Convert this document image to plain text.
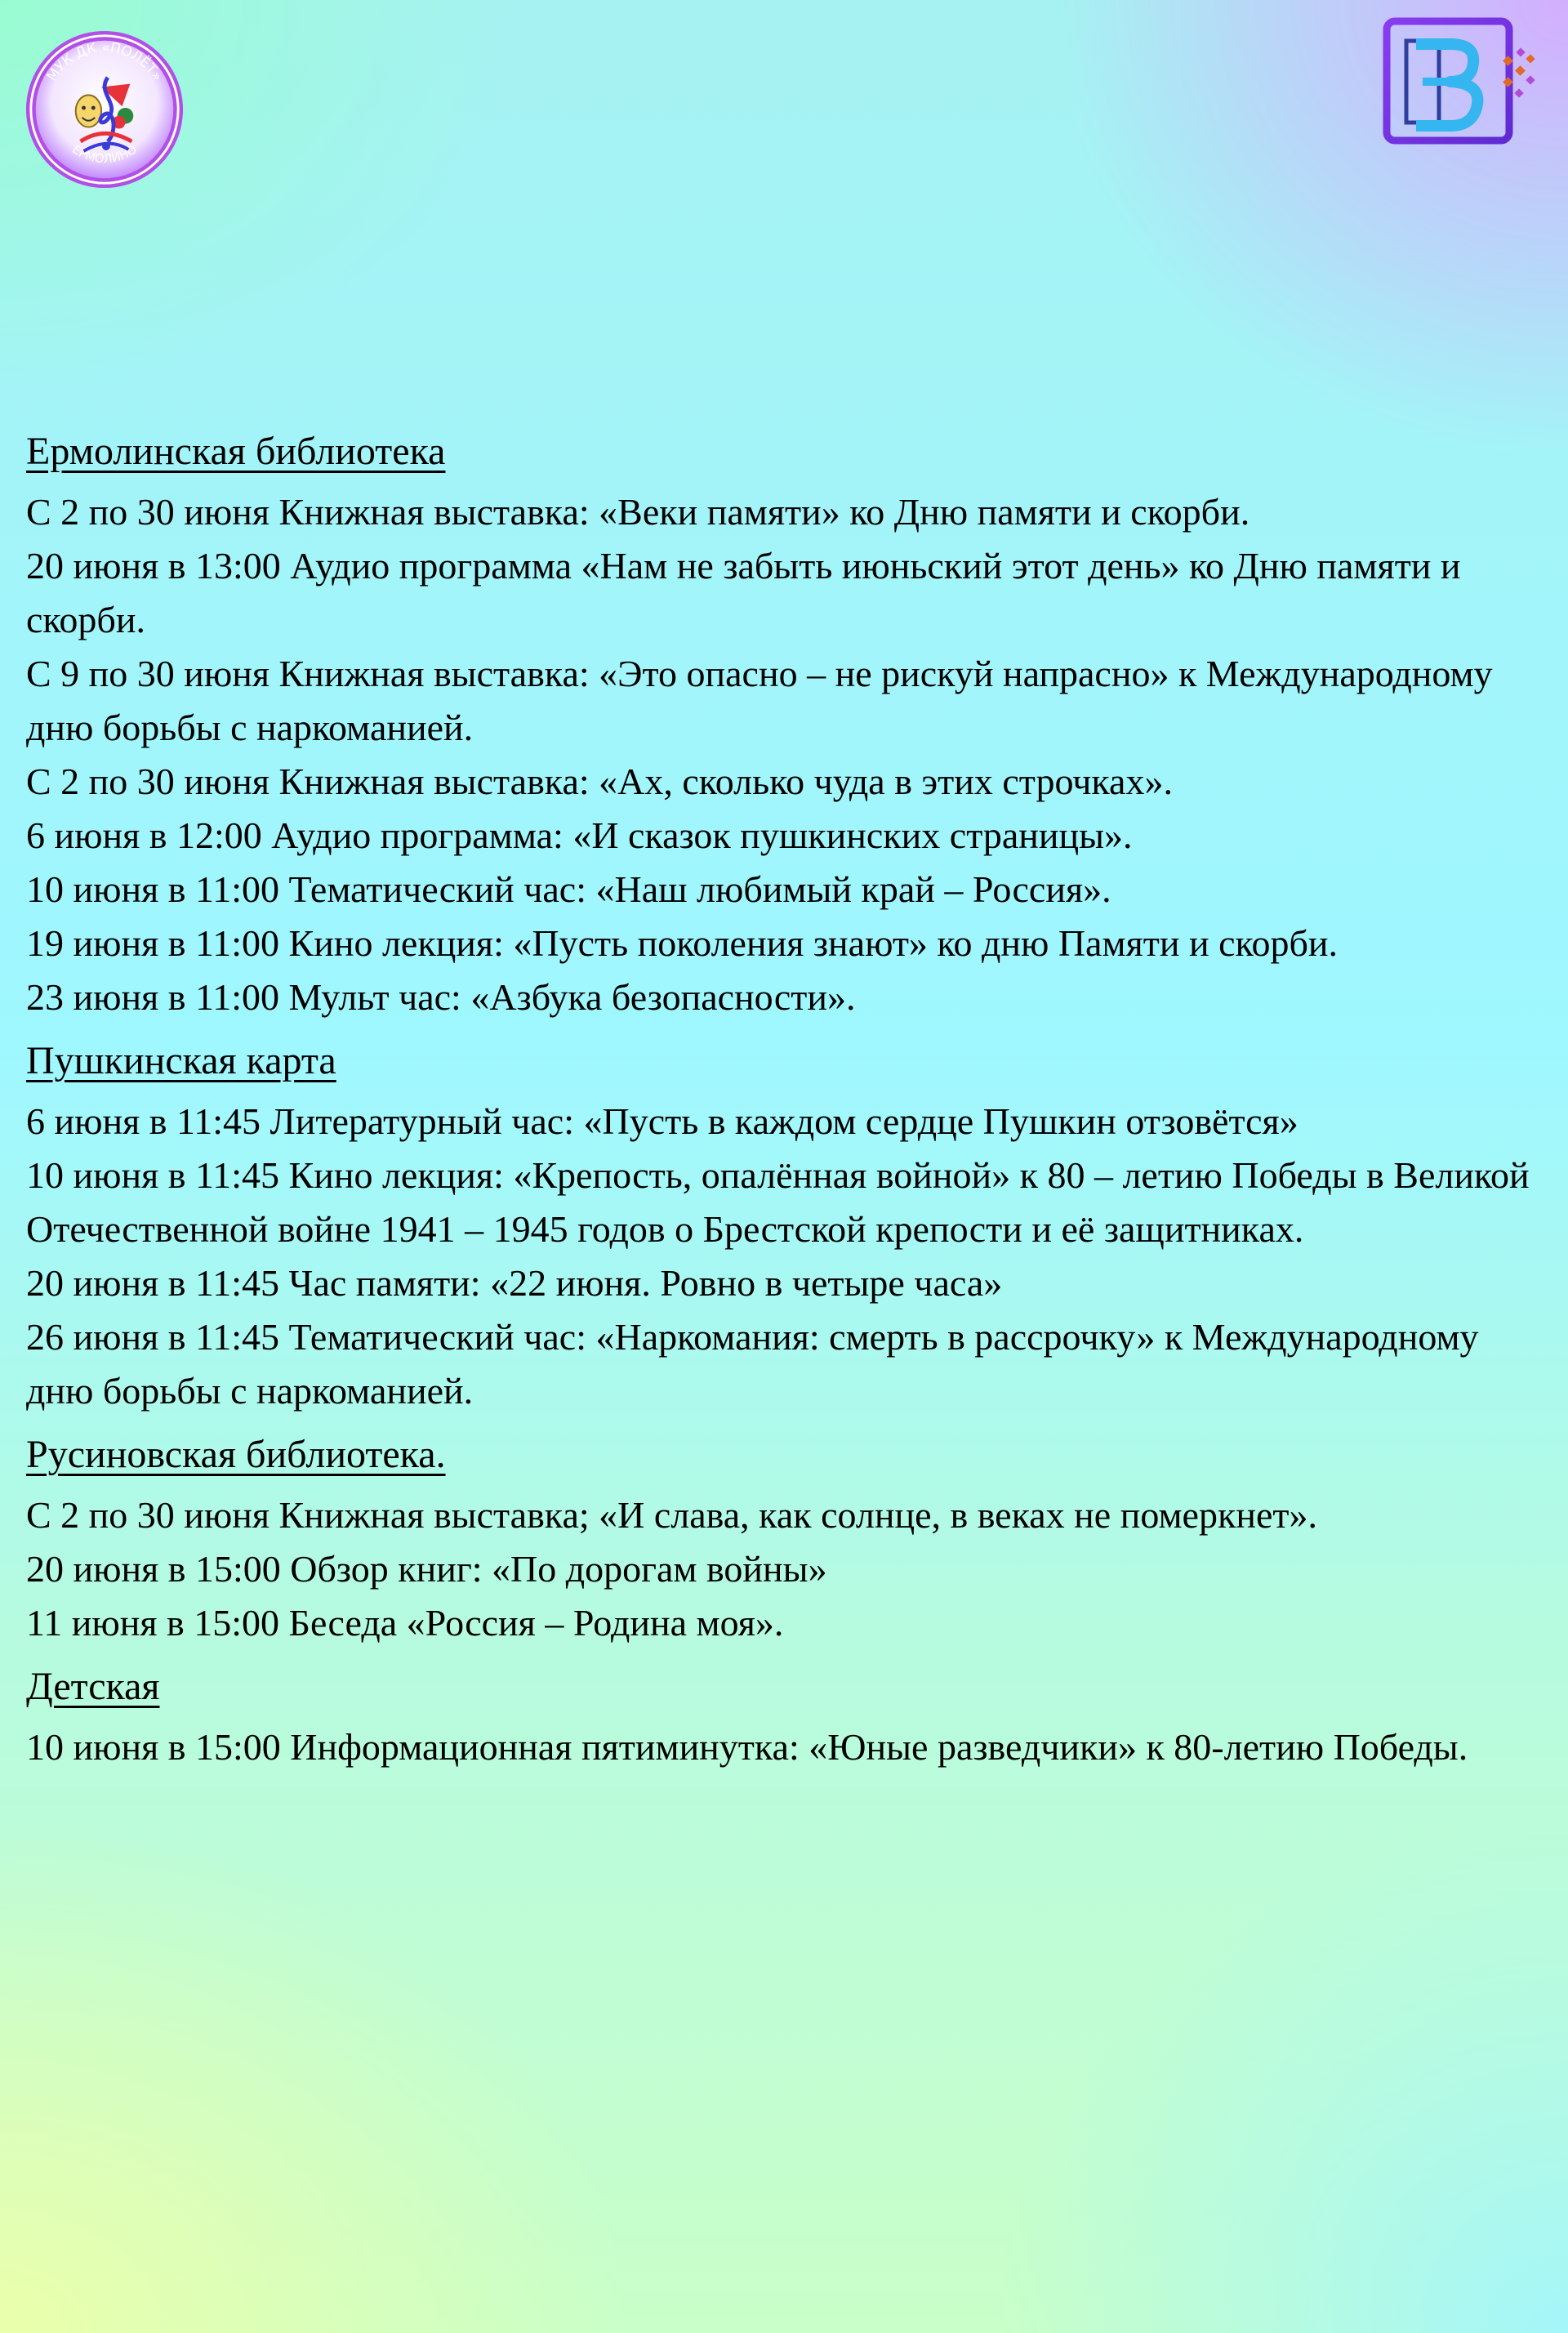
МУК ДК «ПОЛЁТ»
ЕРМОЛИНО
Ермолинская библиотека

С 2 по 30 июня Книжная выставка: «Веки памяти» ко Дню памяти и скорби.

20 июня в 13:00 Аудио программа «Нам не забыть июньский этот день» ко Дню памяти и скорби.

С 9 по 30 июня Книжная выставка: «Это опасно – не рискуй напрасно» к Международному дню борьбы с наркоманией.

С 2 по 30 июня Книжная выставка: «Ах, сколько чуда в этих строчках».

6 июня в 12:00 Аудио программа: «И сказок пушкинских страницы».

10 июня в 11:00 Тематический час: «Наш любимый край – Россия».

19 июня в 11:00 Кино лекция: «Пусть поколения знают» ко дню Памяти и скорби.

23 июня в 11:00 Мульт час: «Азбука безопасности».

Пушкинская карта

6 июня в 11:45 Литературный час: «Пусть в каждом сердце Пушкин отзовётся»

10 июня в 11:45 Кино лекция: «Крепость, опалённая войной» к 80 – летию Победы в Великой Отечественной войне 1941 – 1945 годов о Брестской крепости и её защитниках.

20 июня в 11:45 Час памяти: «22 июня. Ровно в четыре часа»

26 июня в 11:45 Тематический час: «Наркомания: смерть в рассрочку» к Международному дню борьбы с наркоманией.

Русиновская библиотека.

С 2 по 30 июня Книжная выставка; «И слава, как солнце, в веках не померкнет».

20 июня в 15:00 Обзор книг: «По дорогам войны»

11 июня в 15:00 Беседа «Россия – Родина моя».

Детская

10 июня в 15:00 Информационная пятиминутка: «Юные разведчики» к 80-летию Победы.
